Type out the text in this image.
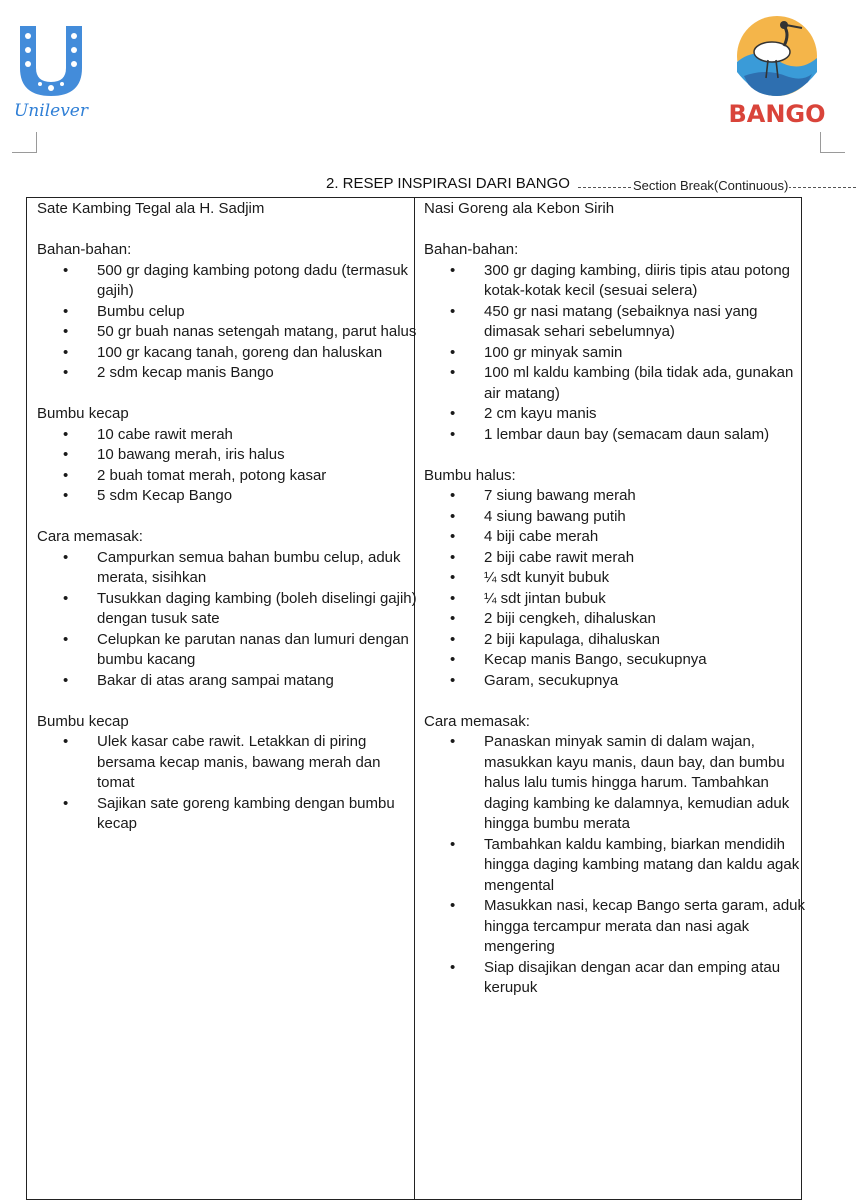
Unilever	BANGO
2. RESEP INSPIRASI DARI BANGO	Section Break(Continuous)

Sate Kambing Tegal ala H. Sadjim

Bahan-bahan:

• 500 gr daging kambing potong dadu (termasuk gajih)
• Bumbu celup
• 50 gr buah nanas setengah matang, parut halus
• 100 gr kacang tanah, goreng dan haluskan
• 2 sdm kecap manis Bango

Bumbu kecap

• 10 cabe rawit merah
• 10 bawang merah, iris halus
• 2 buah tomat merah, potong kasar
• 5 sdm Kecap Bango

Cara memasak:

• Campurkan semua bahan bumbu celup, aduk merata, sisihkan
• Tusukkan daging kambing (boleh diselingi gajih) dengan tusuk sate
• Celupkan ke parutan nanas dan lumuri dengan bumbu kacang
• Bakar di atas arang sampai matang

Bumbu kecap

• Ulek kasar cabe rawit. Letakkan di piring bersama kecap manis, bawang merah dan tomat
• Sajikan sate goreng kambing dengan bumbu kecap

Nasi Goreng ala Kebon Sirih

Bahan-bahan:

• 300 gr daging kambing, diiris tipis atau potong kotak-kotak kecil (sesuai selera)
• 450 gr nasi matang (sebaiknya nasi yang dimasak sehari sebelumnya)
• 100 gr minyak samin
• 100 ml kaldu kambing (bila tidak ada, gunakan air matang)
• 2 cm kayu manis
• 1 lembar daun bay (semacam daun salam)

Bumbu halus:

• 7 siung bawang merah
• 4 siung bawang putih
• 4 biji cabe merah
• 2 biji cabe rawit merah
• ¼ sdt kunyit bubuk
• ¼ sdt jintan bubuk
• 2 biji cengkeh, dihaluskan
• 2 biji kapulaga, dihaluskan
• Kecap manis Bango, secukupnya
• Garam, secukupnya

Cara memasak:

• Panaskan minyak samin di dalam wajan, masukkan kayu manis, daun bay, dan bumbu halus lalu tumis hingga harum. Tambahkan daging kambing ke dalamnya, kemudian aduk hingga bumbu merata
• Tambahkan kaldu kambing, biarkan mendidih hingga daging kambing matang dan kaldu agak mengental
• Masukkan nasi, kecap Bango serta garam, aduk hingga tercampur merata dan nasi agak mengering
• Siap disajikan dengan acar dan emping atau kerupuk
